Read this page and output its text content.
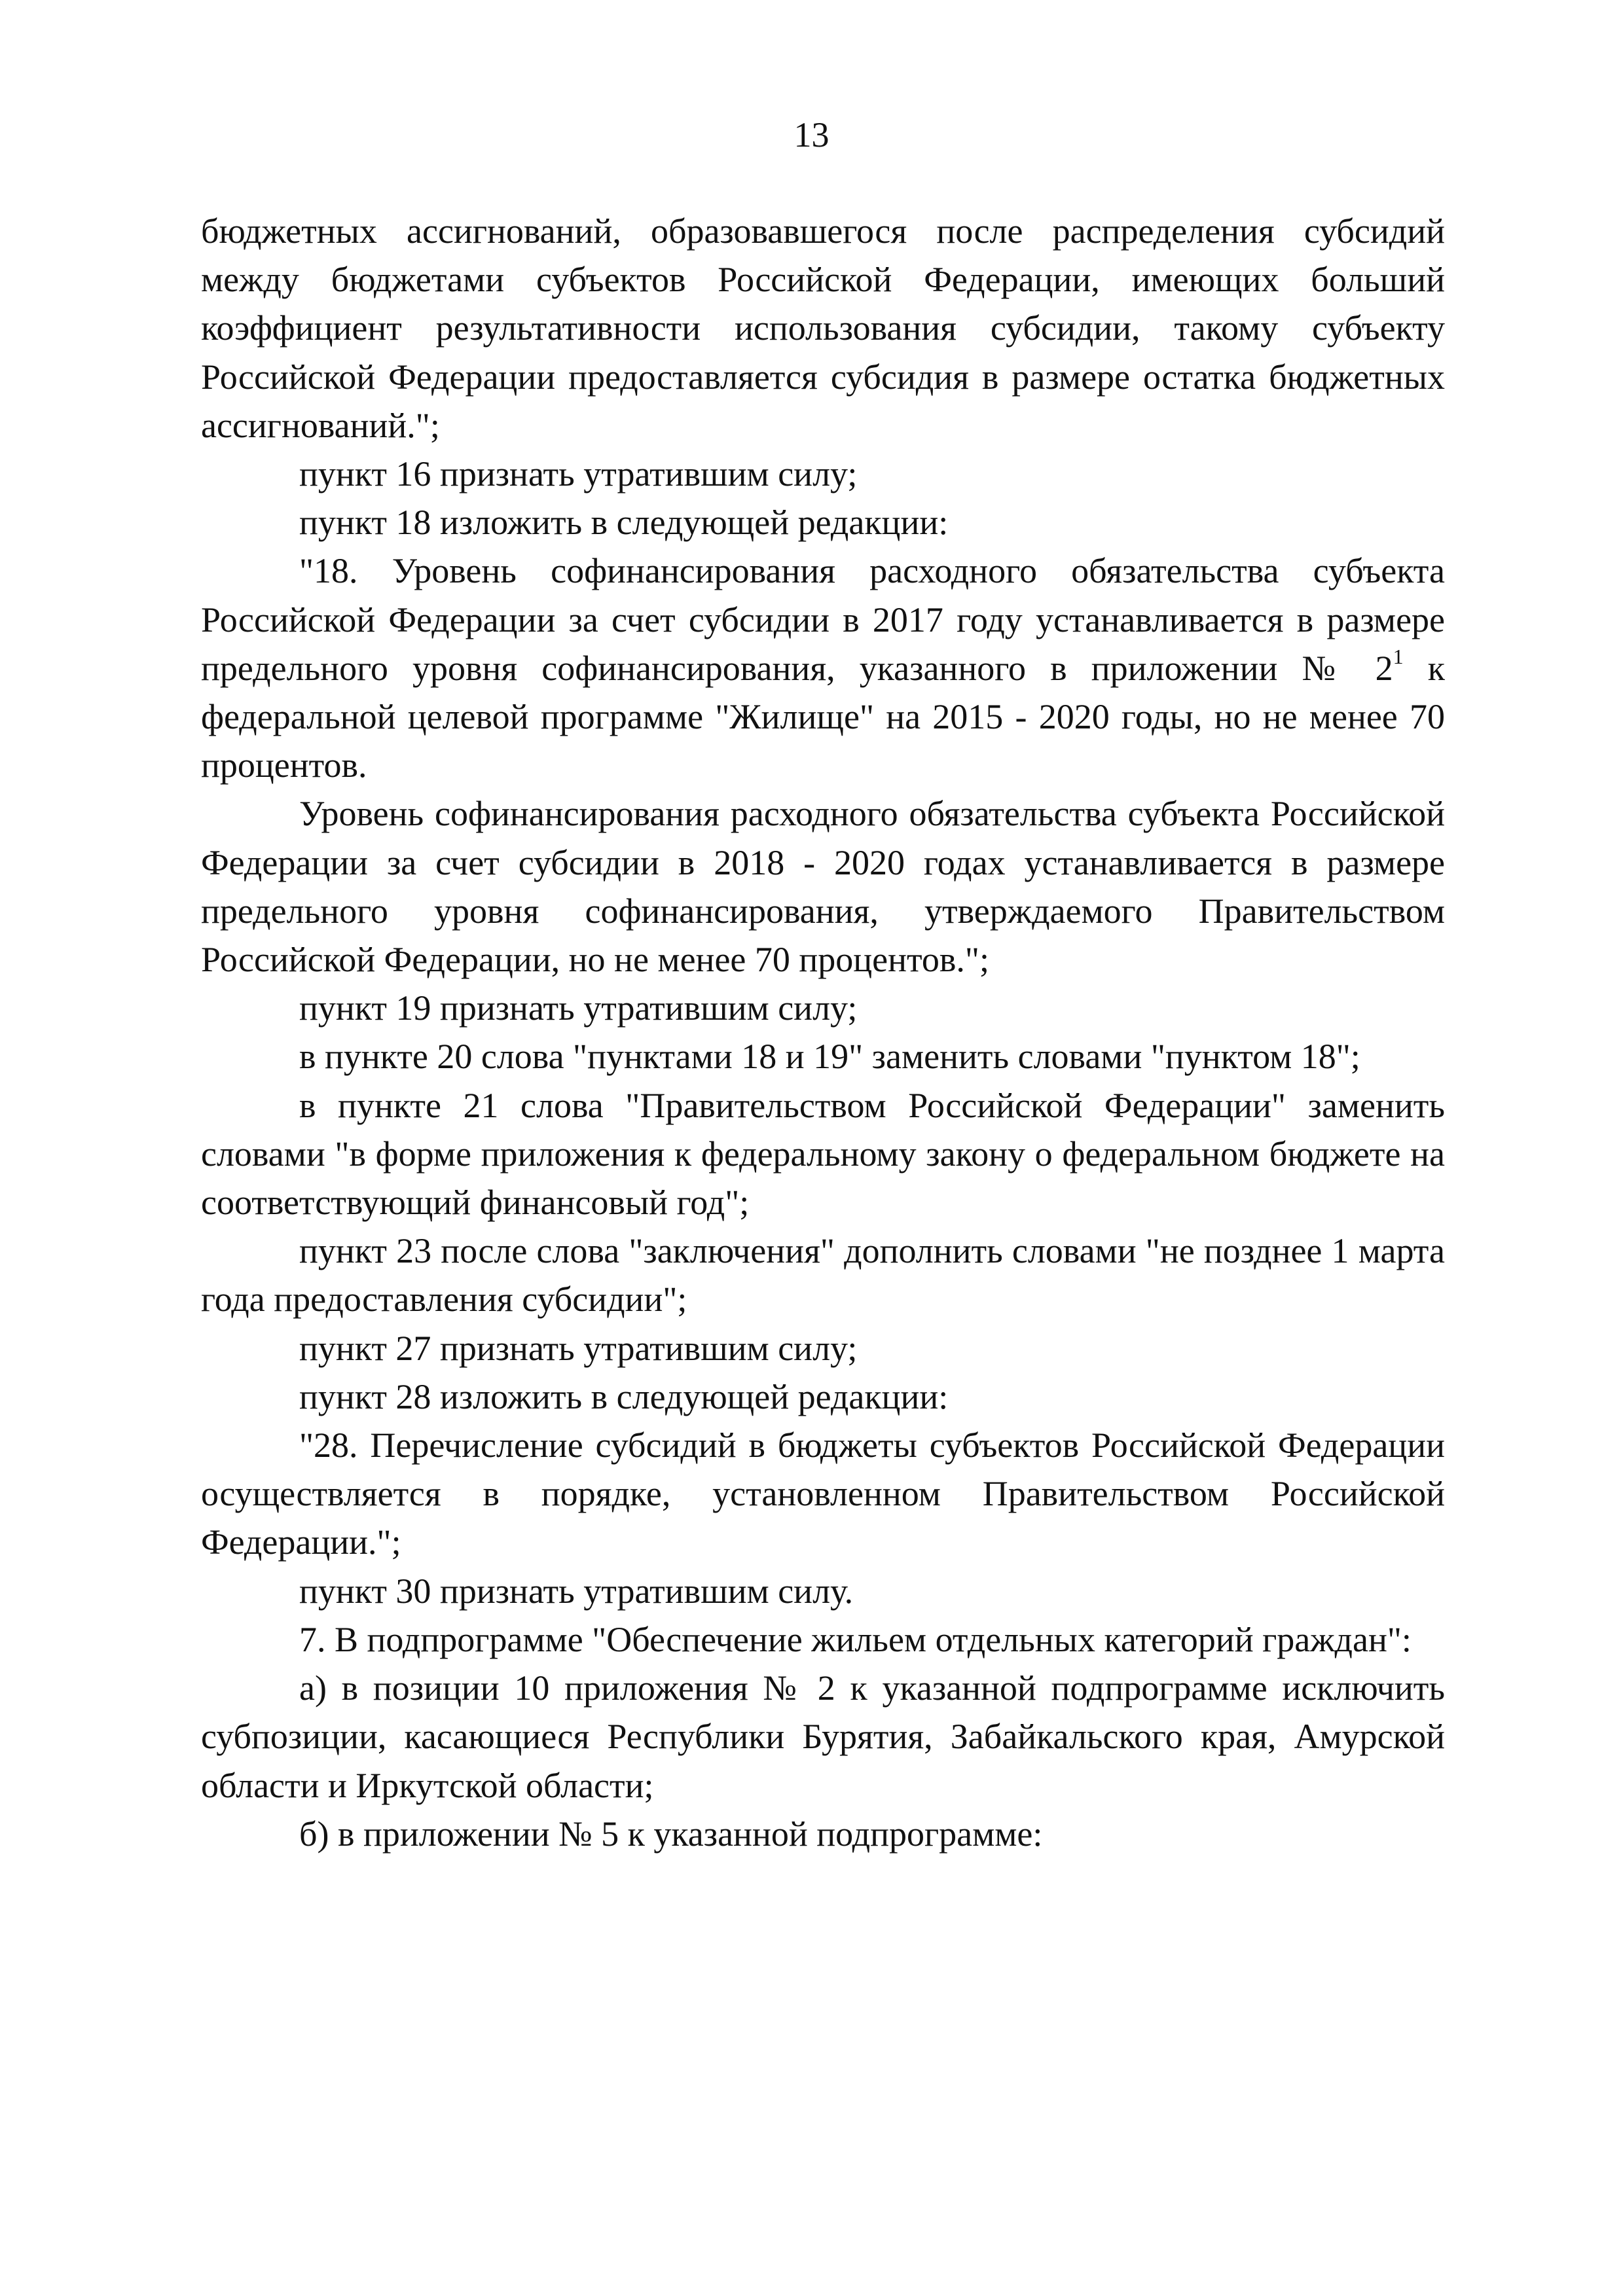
13

бюджетных ассигнований, образовавшегося после распределения субсидий между бюджетами субъектов Российской Федерации, имеющих больший коэффициент результативности использования субсидии, такому субъекту Российской Федерации предоставляется субсидия в размере остатка бюджетных ассигнований.";

пункт 16 признать утратившим силу;

пункт 18 изложить в следующей редакции:

"18. Уровень софинансирования расходного обязательства субъекта Российской Федерации за счет субсидии в 2017 году устанавливается в размере предельного уровня софинансирования, указанного в приложении № $2^1$ к федеральной целевой программе "Жилище" на 2015 - 2020 годы, но не менее 70 процентов.

Уровень софинансирования расходного обязательства субъекта Российской Федерации за счет субсидии в 2018 - 2020 годах устанавливается в размере предельного уровня софинансирования, утверждаемого Правительством Российской Федерации, но не менее 70 процентов.";

пункт 19 признать утратившим силу;

в пункте 20 слова "пунктами 18 и 19" заменить словами "пунктом 18";

в пункте 21 слова "Правительством Российской Федерации" заменить словами "в форме приложения к федеральному закону о федеральном бюджете на соответствующий финансовый год";

пункт 23 после слова "заключения" дополнить словами "не позднее 1 марта года предоставления субсидии";

пункт 27 признать утратившим силу;

пункт 28 изложить в следующей редакции:

"28. Перечисление субсидий в бюджеты субъектов Российской Федерации осуществляется в порядке, установленном Правительством Российской Федерации.";

пункт 30 признать утратившим силу.

7. В подпрограмме "Обеспечение жильем отдельных категорий граждан":

а) в позиции 10 приложения № 2 к указанной подпрограмме исключить субпозиции, касающиеся Республики Бурятия, Забайкальского края, Амурской области и Иркутской области;

б) в приложении № 5 к указанной подпрограмме:
